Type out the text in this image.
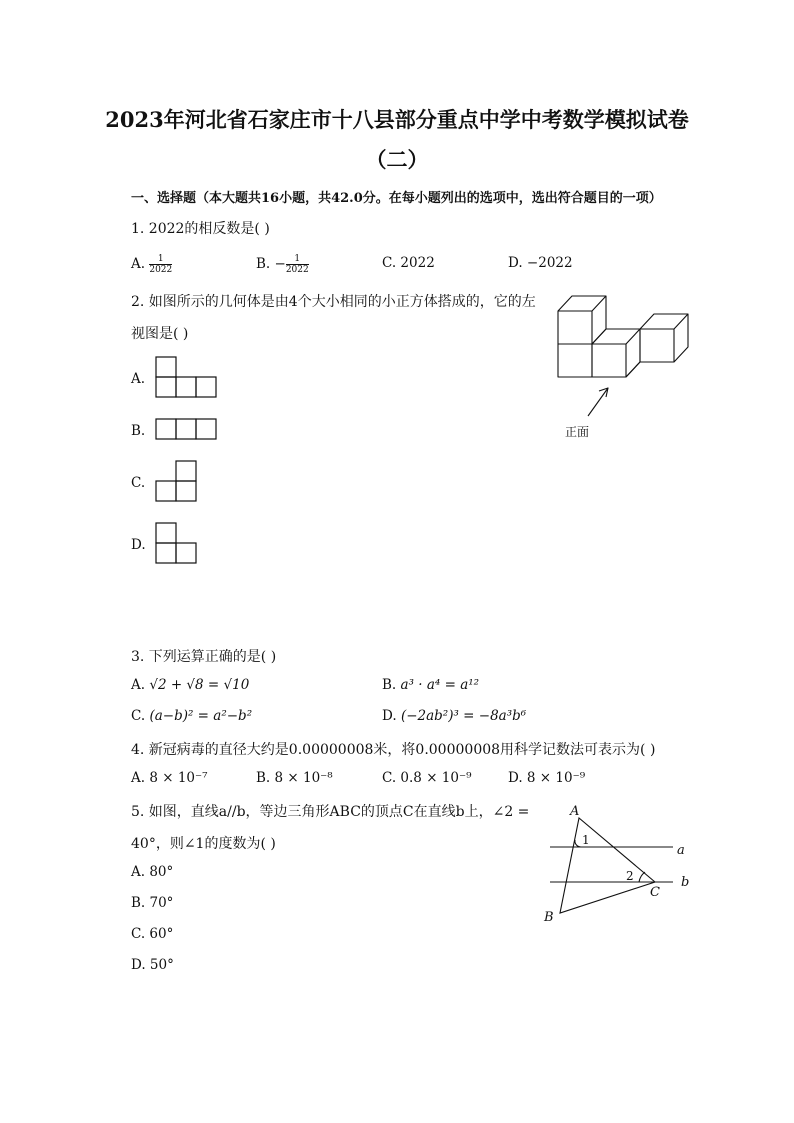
2023年河北省石家庄市十八县部分重点中学中考数学模拟试卷
（二）
一、选择题（本大题共16小题，共42.0分。在每小题列出的选项中，选出符合题目的一项）
1. 2022的相反数是( )
A. $\frac{1}{2022}$	B. − $\frac{1}{2022}$	C. 2022	D. −2022
2. 如图所示的几何体是由4个大小相同的小正方体搭成的，它的左
视图是( )
A.
B.
C.
D.
正面
3. 下列运算正确的是( )
A. √2 + √8 = √10	B. a³ · a⁴ = a¹²
C. (a−b)² = a²−b²	D. (−2ab²)³ = −8a³b⁶
4. 新冠病毒的直径大约是0.00000008米，将0.00000008用科学记数法可表示为( )
A. 8 × 10⁻⁷	B. 8 × 10⁻⁸	C. 0.8 × 10⁻⁹	D. 8 × 10⁻⁹
5. 如图，直线a//b，等边三角形ABC的顶点C在直线b上，∠2 =
40°，则∠1的度数为( )
A. 80°
B. 70°
C. 60°
D. 50°
A
B
C
a
b
1
2
